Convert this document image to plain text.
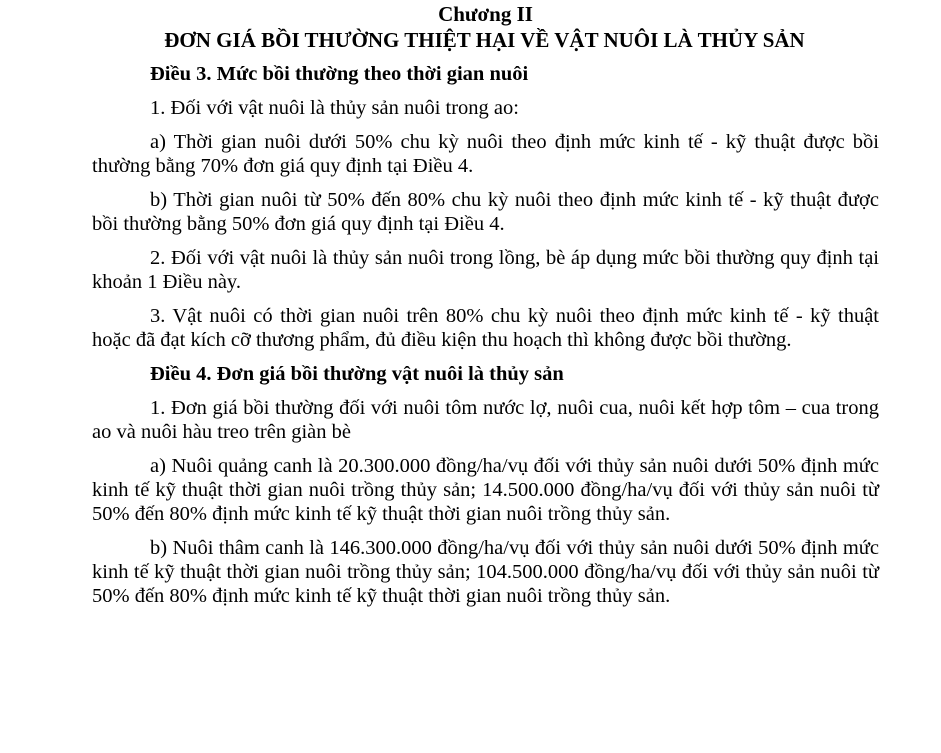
Chương II
ĐƠN GIÁ BỒI THƯỜNG THIỆT HẠI VỀ VẬT NUÔI LÀ THỦY SẢN
Điều 3. Mức bồi thường theo thời gian nuôi

1. Đối với vật nuôi là thủy sản nuôi trong ao:

a) Thời gian nuôi dưới 50% chu kỳ nuôi theo định mức kinh tế - kỹ thuật được bồi thường bằng 70% đơn giá quy định tại Điều 4.

b) Thời gian nuôi từ 50% đến 80% chu kỳ nuôi theo định mức kinh tế - kỹ thuật được bồi thường bằng 50% đơn giá quy định tại Điều 4.

2. Đối với vật nuôi là thủy sản nuôi trong lồng, bè áp dụng mức bồi thường quy định tại khoản 1 Điều này.

3. Vật nuôi có thời gian nuôi trên 80% chu kỳ nuôi theo định mức kinh tế - kỹ thuật hoặc đã đạt kích cỡ thương phẩm, đủ điều kiện thu hoạch thì không được bồi thường.

Điều 4. Đơn giá bồi thường vật nuôi là thủy sản

1. Đơn giá bồi thường đối với nuôi tôm nước lợ, nuôi cua, nuôi kết hợp tôm – cua trong ao và nuôi hàu treo trên giàn bè

a) Nuôi quảng canh là 20.300.000 đồng/ha/vụ đối với thủy sản nuôi dưới 50% định mức kinh tế kỹ thuật thời gian nuôi trồng thủy sản; 14.500.000 đồng/ha/vụ đối với thủy sản nuôi từ 50% đến 80% định mức kinh tế kỹ thuật thời gian nuôi trồng thủy sản.

b) Nuôi thâm canh là 146.300.000 đồng/ha/vụ đối với thủy sản nuôi dưới 50% định mức kinh tế kỹ thuật thời gian nuôi trồng thủy sản; 104.500.000 đồng/ha/vụ đối với thủy sản nuôi từ 50% đến 80% định mức kinh tế kỹ thuật thời gian nuôi trồng thủy sản.
